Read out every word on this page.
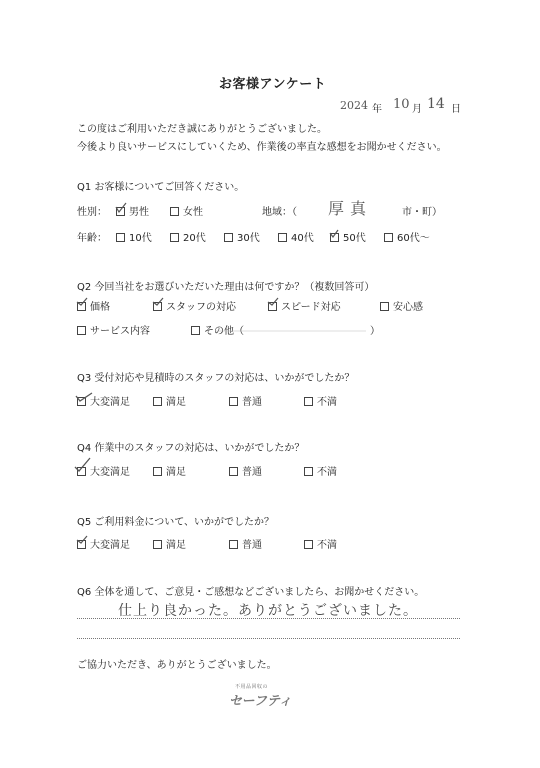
お客様アンケート
2024 年 10 月 14 日
この度はご利用いただき誠にありがとうございました。
今後より良いサービスにしていくため、作業後の率直な感想をお聞かせください。
Q1 お客様についてご回答ください。
性別：	男性	女性	地域：（ 厚真	市・町）
年齢：	10代	20代	30代	40代	50代	60代～
Q2 今回当社をお選びいただいた理由は何ですか？（複数回答可）
価格	スタッフの対応	スピード対応	安心感
サービス内容	その他（	）
Q3 受付対応や見積時のスタッフの対応は、いかがでしたか？
大変満足	満足	普通	不満
Q4 作業中のスタッフの対応は、いかがでしたか？
大変満足	満足	普通	不満
Q5 ご利用料金について、いかがでしたか？
大変満足	満足	普通	不満
Q6 全体を通して、ご意見・ご感想などございましたら、お聞かせください。
仕上り良かった。ありがとうございました。
ご協力いただき、ありがとうございました。
不用品回収の
セーフティ
